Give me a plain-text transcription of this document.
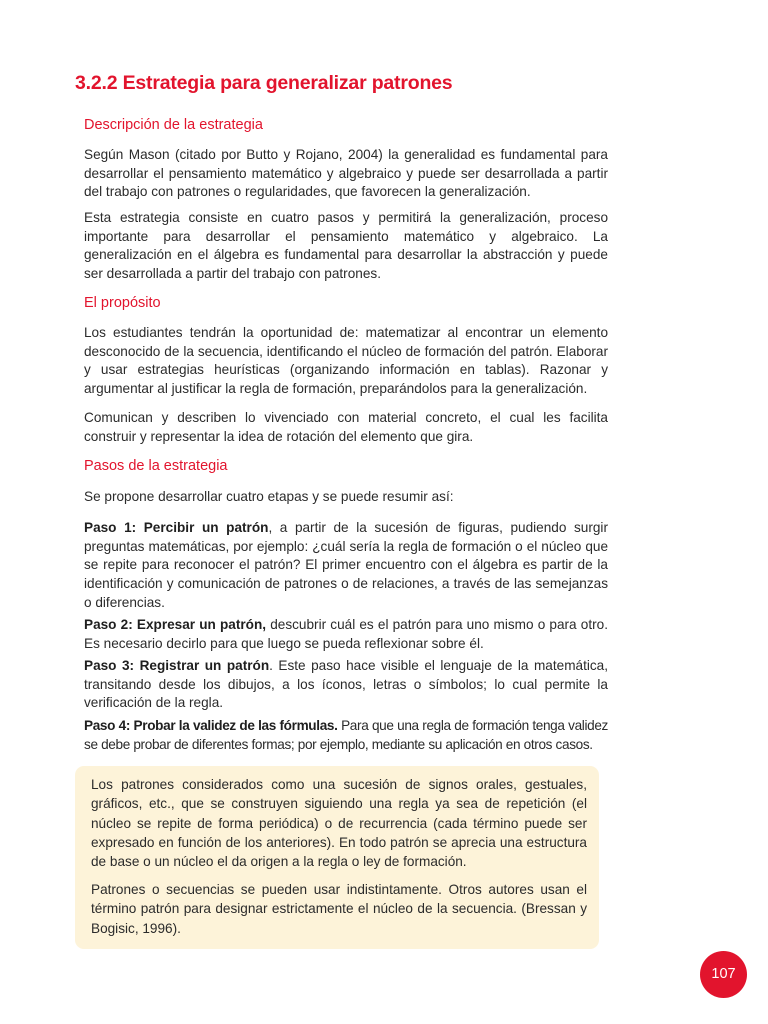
3.2.2 Estrategia para generalizar patrones
Descripción de la estrategia

Según Mason (citado por Butto y Rojano, 2004) la generalidad es fundamental para desarrollar el pensamiento matemático y algebraico y puede ser desarrollada a partir del trabajo con patrones o regularidades, que favorecen la generalización.

Esta estrategia consiste en cuatro pasos y permitirá la generalización, proceso importante para desarrollar el pensamiento matemático y algebraico. La generalización en el álgebra es fundamental para desarrollar la abstracción y puede ser desarrollada a partir del trabajo con patrones.

El propósito

Los estudiantes tendrán la oportunidad de: matematizar al encontrar un elemento desconocido de la secuencia, identificando el núcleo de formación del patrón. Elaborar y usar estrategias heurísticas (organizando información en tablas). Razonar y argumentar al justificar la regla de formación, preparándolos para la generalización.

Comunican y describen lo vivenciado con material concreto, el cual les facilita construir y representar la idea de rotación del elemento que gira.

Pasos de la estrategia

Se propone desarrollar cuatro etapas y se puede resumir así:

Paso 1: Percibir un patrón, a partir de la sucesión de figuras, pudiendo surgir preguntas matemáticas, por ejemplo: ¿cuál sería la regla de formación o el núcleo que se repite para reconocer el patrón? El primer encuentro con el álgebra es partir de la identificación y comunicación de patrones o de relaciones, a través de las semejanzas o diferencias.

Paso 2: Expresar un patrón, descubrir cuál es el patrón para uno mismo o para otro. Es necesario decirlo para que luego se pueda reflexionar sobre él.

Paso 3: Registrar un patrón. Este paso hace visible el lenguaje de la matemática, transitando desde los dibujos, a los íconos, letras o símbolos; lo cual permite la verificación de la regla.

Paso 4: Probar la validez de las fórmulas. Para que una regla de formación tenga validez se debe probar de diferentes formas; por ejemplo, mediante su aplicación en otros casos.

Los patrones considerados como una sucesión de signos orales, gestuales, gráficos, etc., que se construyen siguiendo una regla ya sea de repetición (el núcleo se repite de forma periódica) o de recurrencia (cada término puede ser expresado en función de los anteriores). En todo patrón se aprecia una estructura de base o un núcleo el da origen a la regla o ley de formación.

Patrones o secuencias se pueden usar indistintamente. Otros autores usan el término patrón para designar estrictamente el núcleo de la secuencia. (Bressan y Bogisic, 1996).

107
